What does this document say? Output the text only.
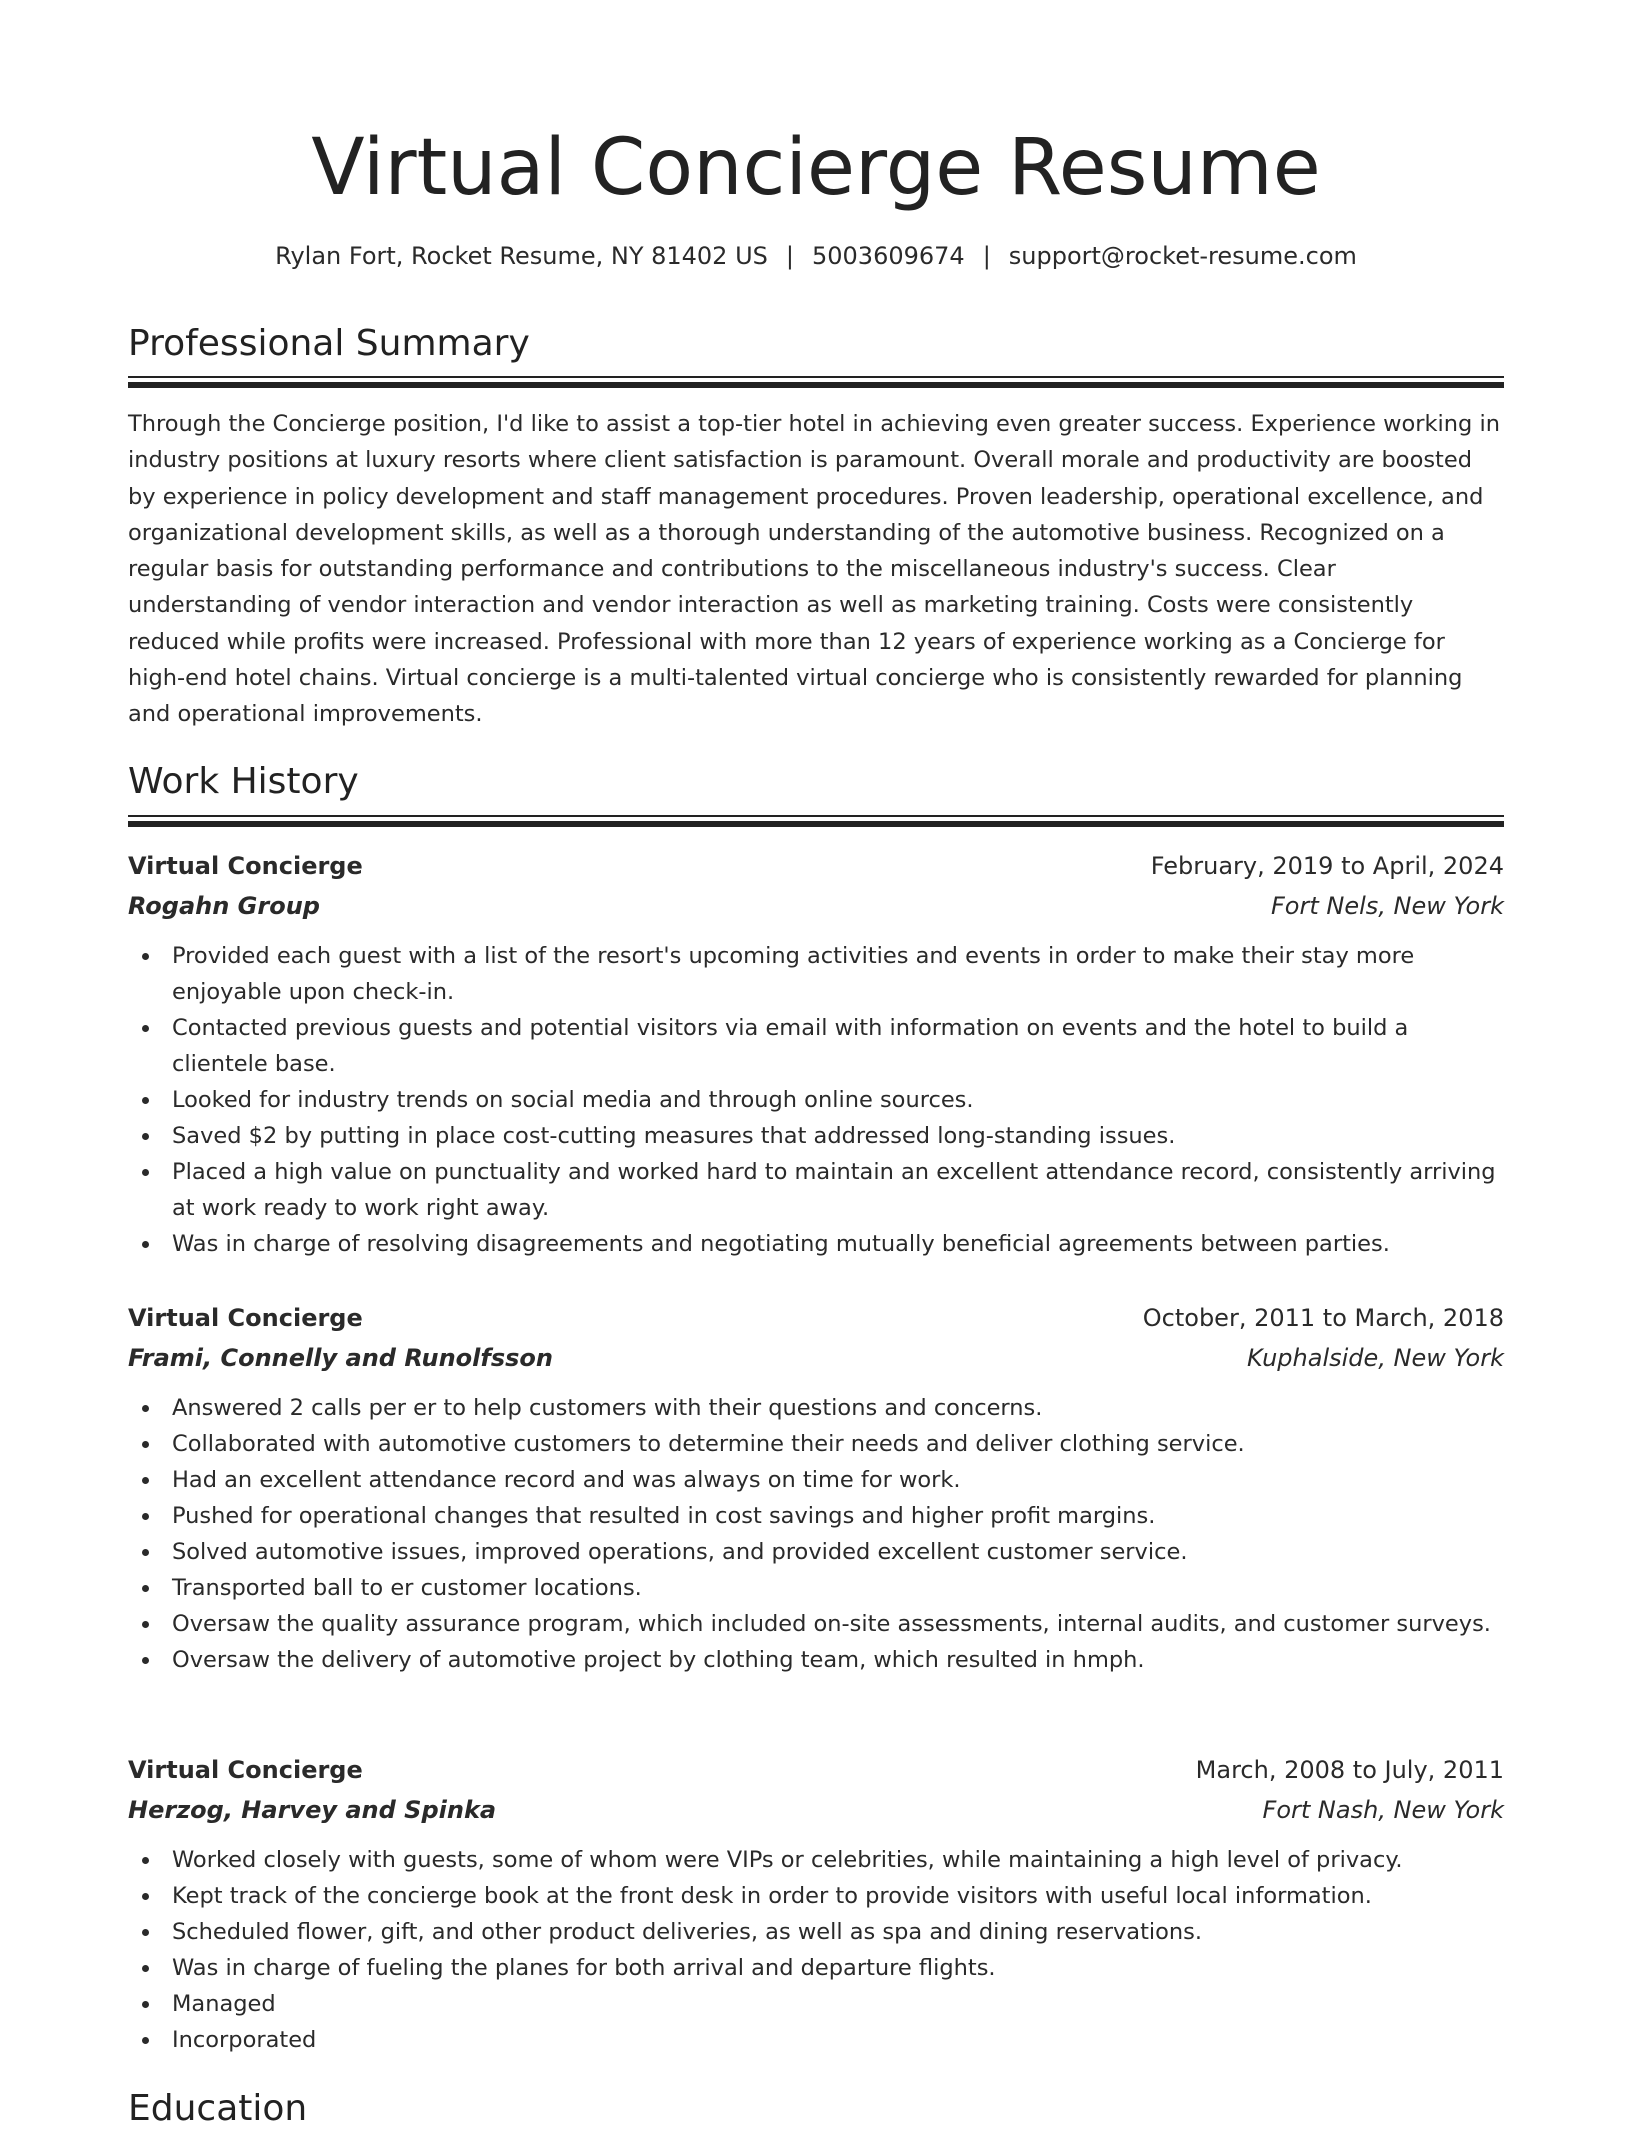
Virtual Concierge Resume
Rylan Fort, Rocket Resume, NY 81402 US | 5003609674 | support@rocket-resume.com
Professional Summary

Through the Concierge position, I'd like to assist a top-tier hotel in achieving even greater success. Experience working in industry positions at luxury resorts where client satisfaction is paramount. Overall morale and productivity are boosted by experience in policy development and staff management procedures. Proven leadership, operational excellence, and organizational development skills, as well as a thorough understanding of the automotive business. Recognized on a regular basis for outstanding performance and contributions to the miscellaneous industry's success. Clear understanding of vendor interaction and vendor interaction as well as marketing training. Costs were consistently reduced while profits were increased. Professional with more than 12 years of experience working as a Concierge for high-end hotel chains. Virtual concierge is a multi-talented virtual concierge who is consistently rewarded for planning and operational improvements.

Work History
Virtual Concierge	February, 2019 to April, 2024
Rogahn Group	Fort Nels, New York
Provided each guest with a list of the resort's upcoming activities and events in order to make their stay more enjoyable upon check-in.
Contacted previous guests and potential visitors via email with information on events and the hotel to build a clientele base.
Looked for industry trends on social media and through online sources.
Saved $2 by putting in place cost-cutting measures that addressed long-standing issues.
Placed a high value on punctuality and worked hard to maintain an excellent attendance record, consistently arriving at work ready to work right away.
Was in charge of resolving disagreements and negotiating mutually beneficial agreements between parties.
Virtual Concierge	October, 2011 to March, 2018
Frami, Connelly and Runolfsson	Kuphalside, New York
Answered 2 calls per er to help customers with their questions and concerns.
Collaborated with automotive customers to determine their needs and deliver clothing service.
Had an excellent attendance record and was always on time for work.
Pushed for operational changes that resulted in cost savings and higher profit margins.
Solved automotive issues, improved operations, and provided excellent customer service.
Transported ball to er customer locations.
Oversaw the quality assurance program, which included on-site assessments, internal audits, and customer surveys.
Oversaw the delivery of automotive project by clothing team, which resulted in hmph.
Virtual Concierge	March, 2008 to July, 2011
Herzog, Harvey and Spinka	Fort Nash, New York
Worked closely with guests, some of whom were VIPs or celebrities, while maintaining a high level of privacy.
Kept track of the concierge book at the front desk in order to provide visitors with useful local information.
Scheduled flower, gift, and other product deliveries, as well as spa and dining reservations.
Was in charge of fueling the planes for both arrival and departure flights.
Managed
Incorporated
Education
